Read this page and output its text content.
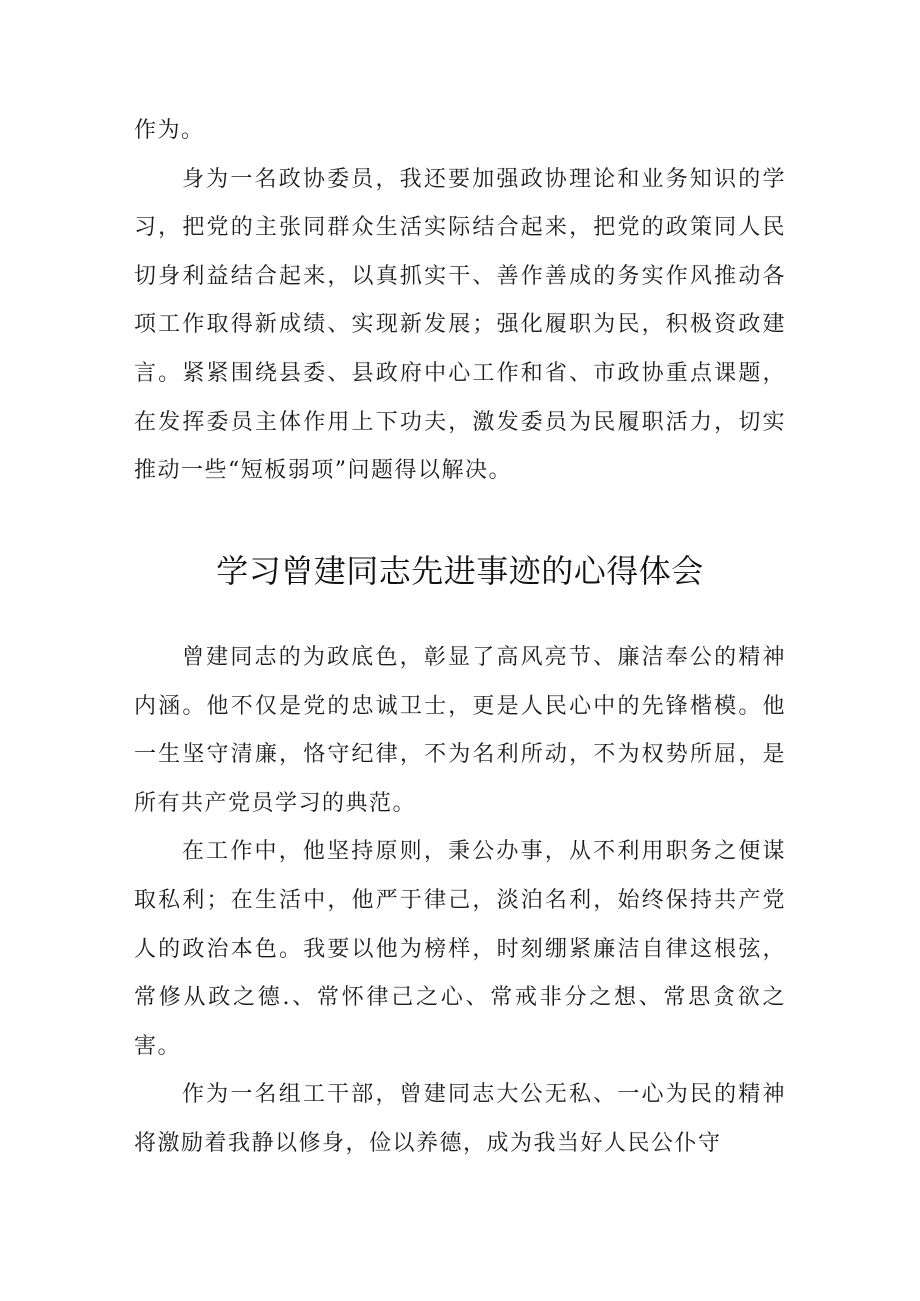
作为。

身为一名政协委员，我还要加强政协理论和业务知识的学习，把党的主张同群众生活实际结合起来，把党的政策同人民切身利益结合起来，以真抓实干、善作善成的务实作风推动各项工作取得新成绩、实现新发展；强化履职为民，积极资政建言。紧紧围绕县委、县政府中心工作和省、市政协重点课题，在发挥委员主体作用上下功夫，激发委员为民履职活力，切实推动一些“短板弱项”问题得以解决。

学习曾建同志先进事迹的心得体会

曾建同志的为政底色，彰显了高风亮节、廉洁奉公的精神内涵。他不仅是党的忠诚卫士，更是人民心中的先锋楷模。他一生坚守清廉，恪守纪律，不为名利所动，不为权势所屈，是所有共产党员学习的典范。

在工作中，他坚持原则，秉公办事，从不利用职务之便谋取私利；在生活中，他严于律己，淡泊名利，始终保持共产党人的政治本色。我要以他为榜样，时刻绷紧廉洁自律这根弦，常修从政之德.、常怀律己之心、常戒非分之想、常思贪欲之害。

作为一名组工干部，曾建同志大公无私、一心为民的精神将激励着我静以修身，俭以养德，成为我当好人民公仆守
